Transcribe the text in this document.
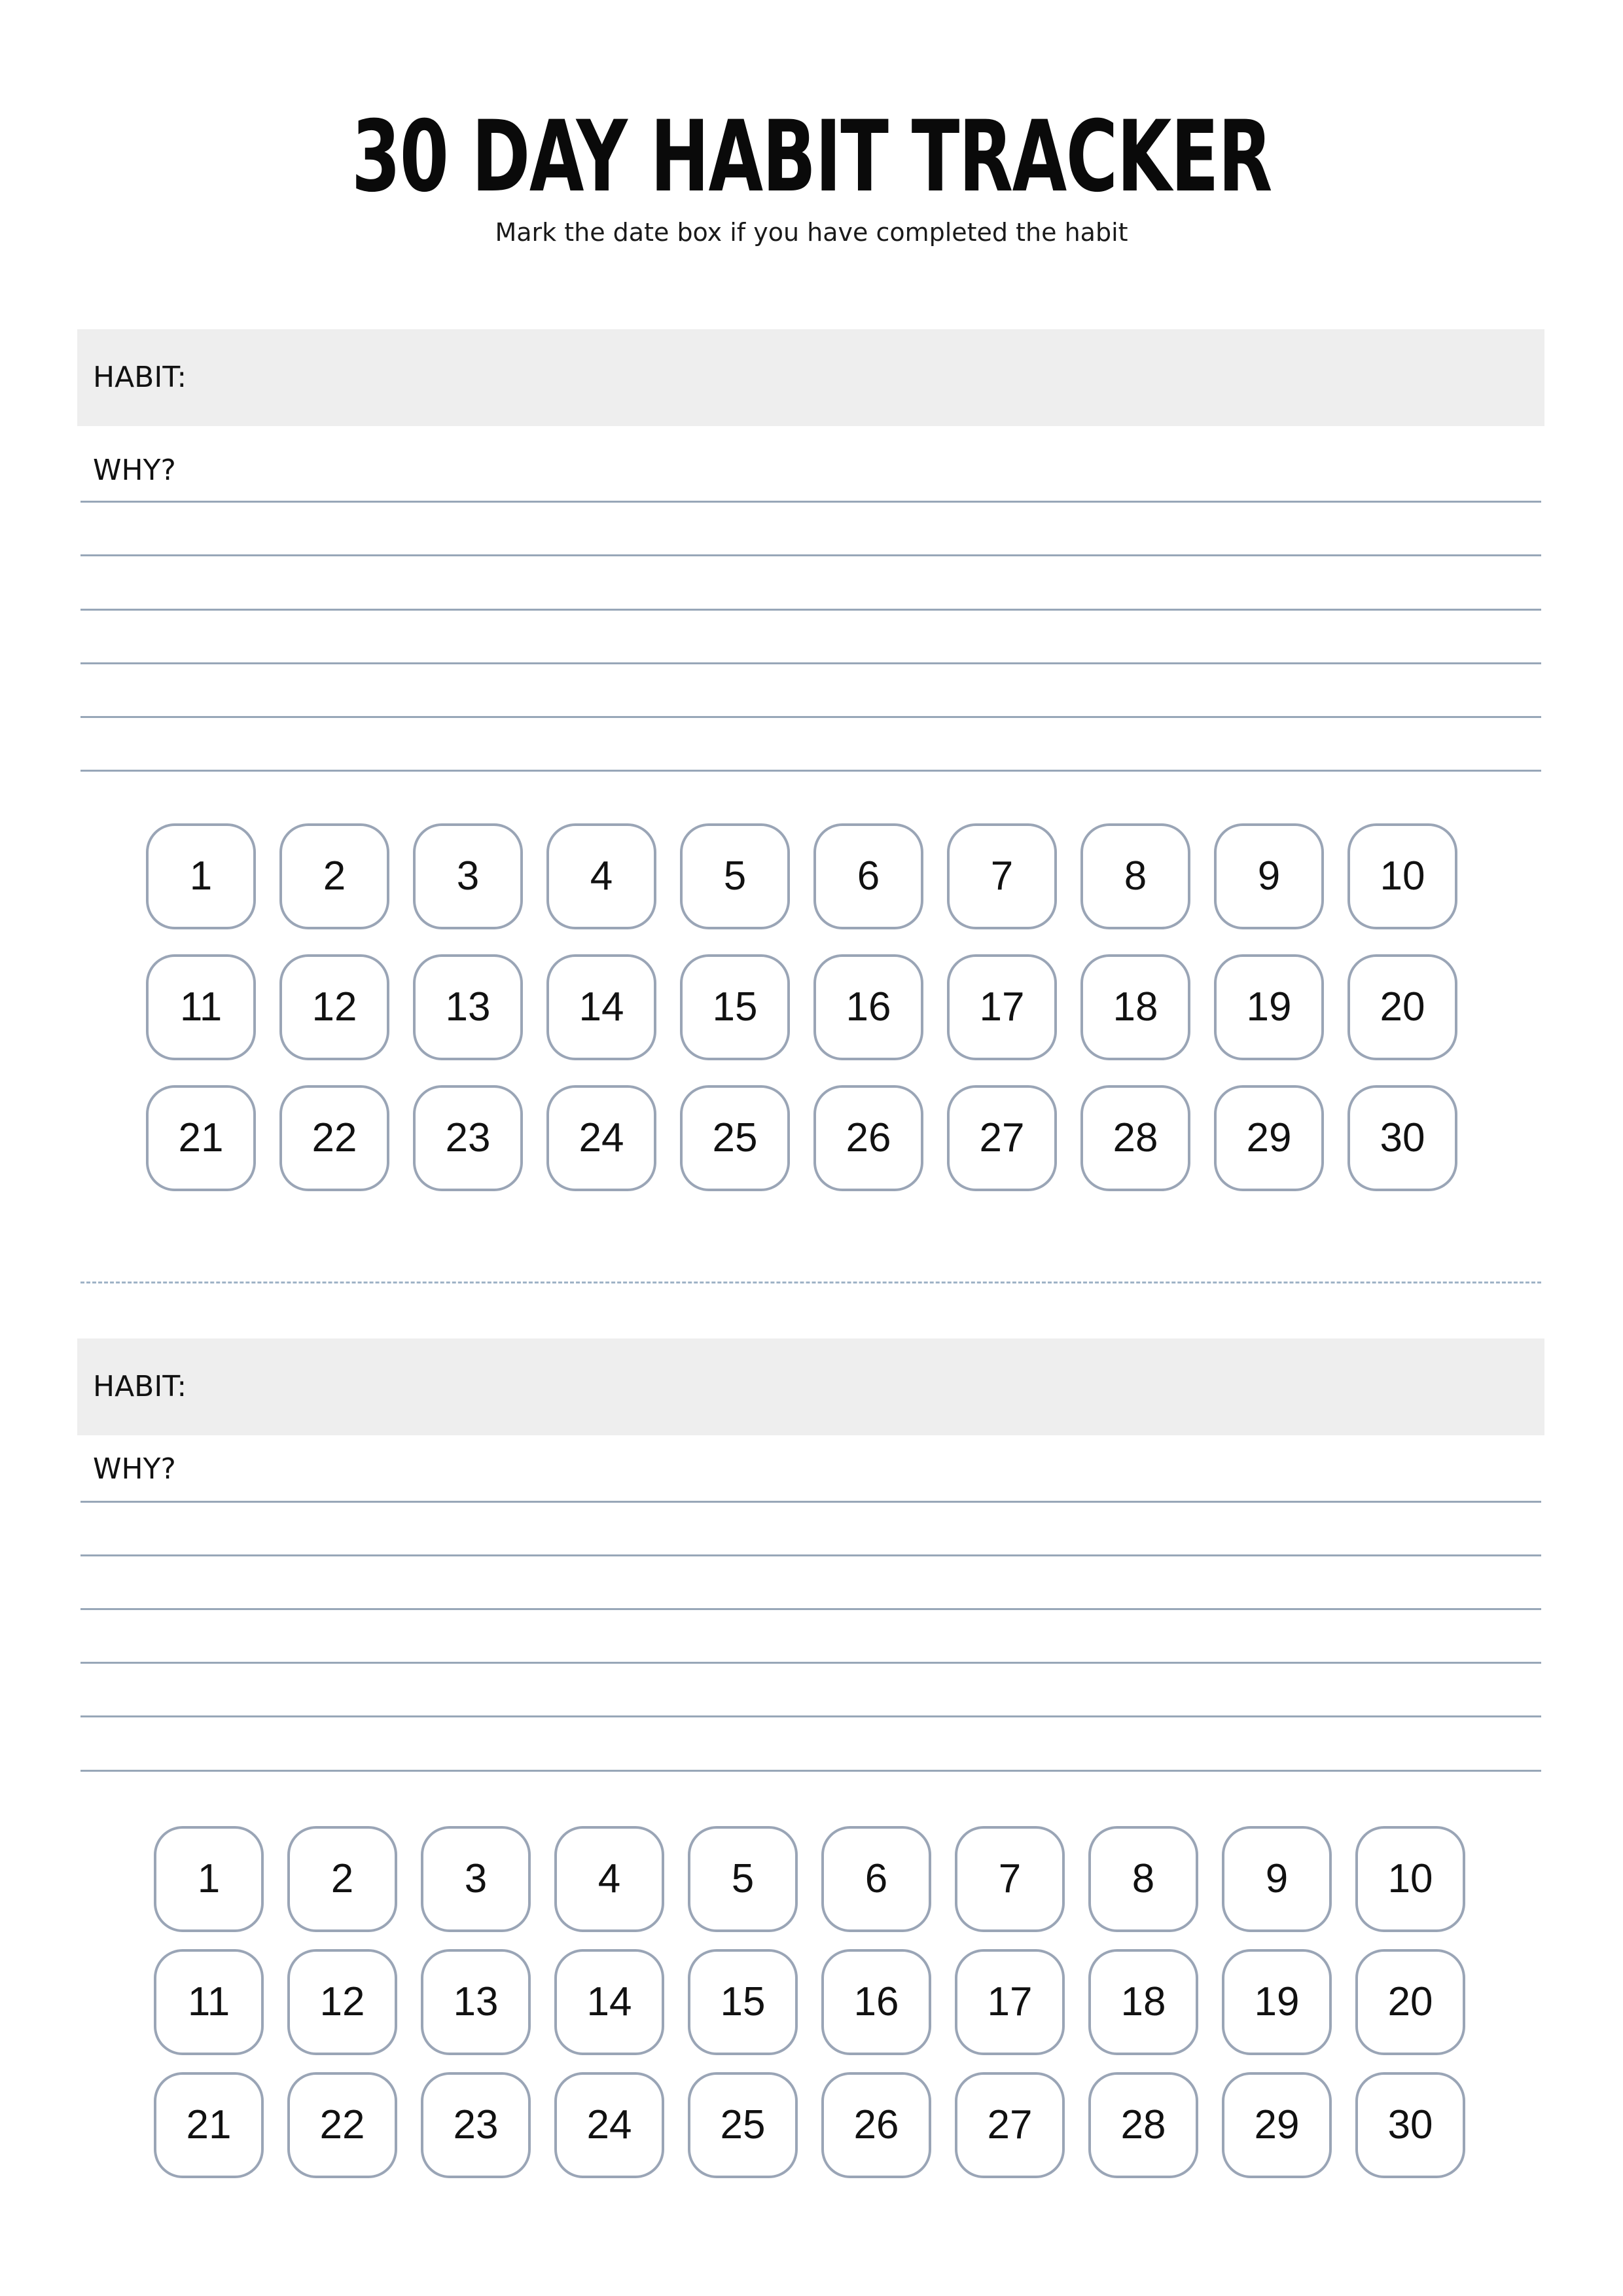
30 DAY HABIT TRACKER
Mark the date box if you have completed the habit
HABIT:
WHY?
1	2	3	4	5	6	7	8	9 10
11 12 13 14 15 16 17 18 19 20
21 22 23 24 25 26 27 28 29 30
HABIT:
WHY?
1	2	3	4	5	6	7	8	9 10
11 12 13 14 15 16 17 18 19 20
21 22 23 24 25 26 27 28 29 30
